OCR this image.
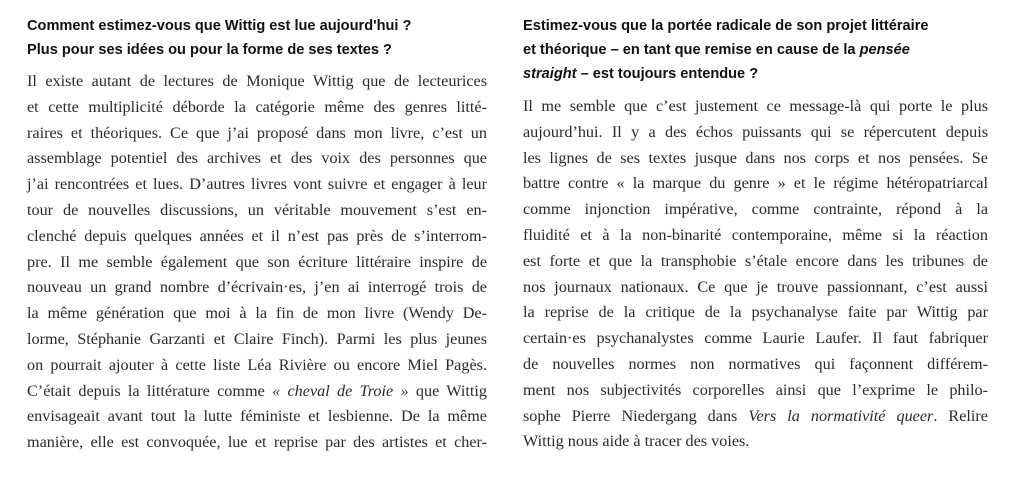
Comment estimez-vous que Wittig est lue aujourd'hui ?
Plus pour ses idées ou pour la forme de ses textes ?
Il existe autant de lectures de Monique Wittig que de lecteurices
et cette multiplicité déborde la catégorie même des genres litté-
raires et théoriques. Ce que j’ai proposé dans mon livre, c’est un
assemblage potentiel des archives et des voix des personnes que
j’ai rencontrées et lues. D’autres livres vont suivre et engager à leur
tour de nouvelles discussions, un véritable mouvement s’est en-
clenché depuis quelques années et il n’est pas près de s’interrom-
pre. Il me semble également que son écriture littéraire inspire de
nouveau un grand nombre d’écrivain·es, j’en ai interrogé trois de
la même génération que moi à la fin de mon livre (Wendy De-
lorme, Stéphanie Garzanti et Claire Finch). Parmi les plus jeunes
on pourrait ajouter à cette liste Léa Rivière ou encore Miel Pagès.
C’était depuis la littérature comme « cheval de Troie » que Wittig
envisageait avant tout la lutte féministe et lesbienne. De la même
manière, elle est convoquée, lue et reprise par des artistes et cher-
Estimez-vous que la portée radicale de son projet littéraire
et théorique – en tant que remise en cause de la pensée
straight – est toujours entendue ?
Il me semble que c’est justement ce message-là qui porte le plus
aujourd’hui. Il y a des échos puissants qui se répercutent depuis
les lignes de ses textes jusque dans nos corps et nos pensées. Se
battre contre « la marque du genre » et le régime hétéropatriarcal
comme injonction impérative, comme contrainte, répond à la
fluidité et à la non-binarité contemporaine, même si la réaction
est forte et que la transphobie s’étale encore dans les tribunes de
nos journaux nationaux. Ce que je trouve passionnant, c’est aussi
la reprise de la critique de la psychanalyse faite par Wittig par
certain·es psychanalystes comme Laurie Laufer. Il faut fabriquer
de nouvelles normes non normatives qui façonnent différem-
ment nos subjectivités corporelles ainsi que l’exprime le philo-
sophe Pierre Niedergang dans Vers la normativité queer. Relire
Wittig nous aide à tracer des voies.
